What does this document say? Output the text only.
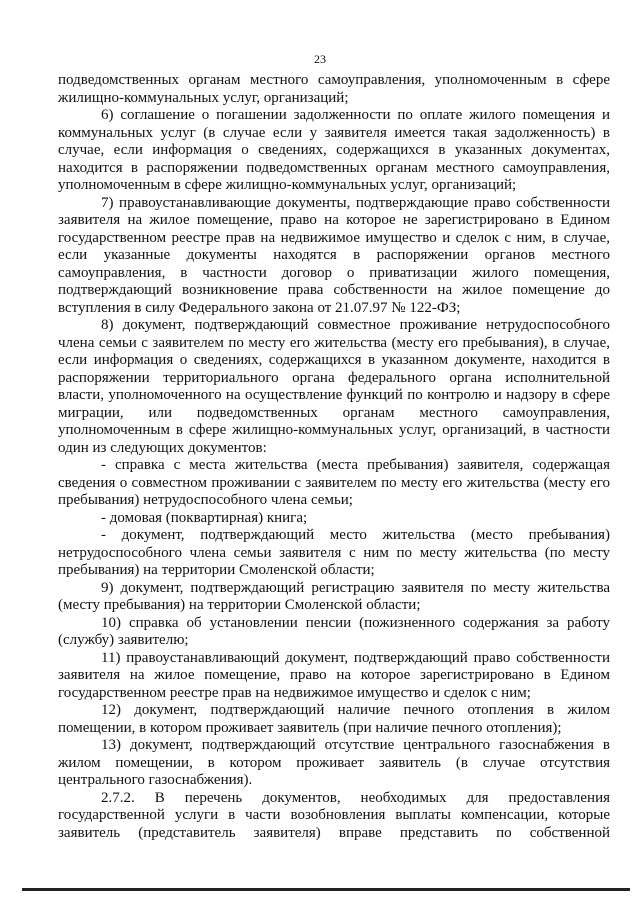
23

подведомственных органам местного самоуправления, уполномоченным в сфере жилищно-коммунальных услуг, организаций;

6) соглашение о погашении задолженности по оплате жилого помещения и коммунальных услуг (в случае если у заявителя имеется такая задолженность) в случае, если информация о сведениях, содержащихся в указанных документах, находится в распоряжении подведомственных органам местного самоуправления, уполномоченным в сфере жилищно-коммунальных услуг, организаций;

7) правоустанавливающие документы, подтверждающие право собственности заявителя на жилое помещение, право на которое не зарегистрировано в Едином государственном реестре прав на недвижимое имущество и сделок с ним, в случае, если указанные документы находятся в распоряжении органов местного самоуправления, в частности договор о приватизации жилого помещения, подтверждающий возникновение права собственности на жилое помещение до вступления в силу Федерального закона от 21.07.97 № 122-ФЗ;

8) документ, подтверждающий совместное проживание нетрудоспособного члена семьи с заявителем по месту его жительства (месту его пребывания), в случае, если информация о сведениях, содержащихся в указанном документе, находится в распоряжении территориального органа федерального органа исполнительной власти, уполномоченного на осуществление функций по контролю и надзору в сфере миграции, или подведомственных органам местного самоуправления, уполномоченным в сфере жилищно-коммунальных услуг, организаций, в частности один из следующих документов:

- справка с места жительства (места пребывания) заявителя, содержащая сведения о совместном проживании с заявителем по месту его жительства (месту его пребывания) нетрудоспособного члена семьи;

- домовая (поквартирная) книга;

- документ, подтверждающий место жительства (место пребывания) нетрудоспособного члена семьи заявителя с ним по месту жительства (по месту пребывания) на территории Смоленской области;

9) документ, подтверждающий регистрацию заявителя по месту жительства (месту пребывания) на территории Смоленской области;

10) справка об установлении пенсии (пожизненного содержания за работу (службу) заявителю;

11) правоустанавливающий документ, подтверждающий право собственности заявителя на жилое помещение, право на которое зарегистрировано в Едином государственном реестре прав на недвижимое имущество и сделок с ним;

12) документ, подтверждающий наличие печного отопления в жилом помещении, в котором проживает заявитель (при наличие печного отопления);

13) документ, подтверждающий отсутствие центрального газоснабжения в жилом помещении, в котором проживает заявитель (в случае отсутствия центрального газоснабжения).

2.7.2. В перечень документов, необходимых для предоставления государственной услуги в части возобновления выплаты компенсации, которые заявитель (представитель заявителя) вправе представить по собственной
